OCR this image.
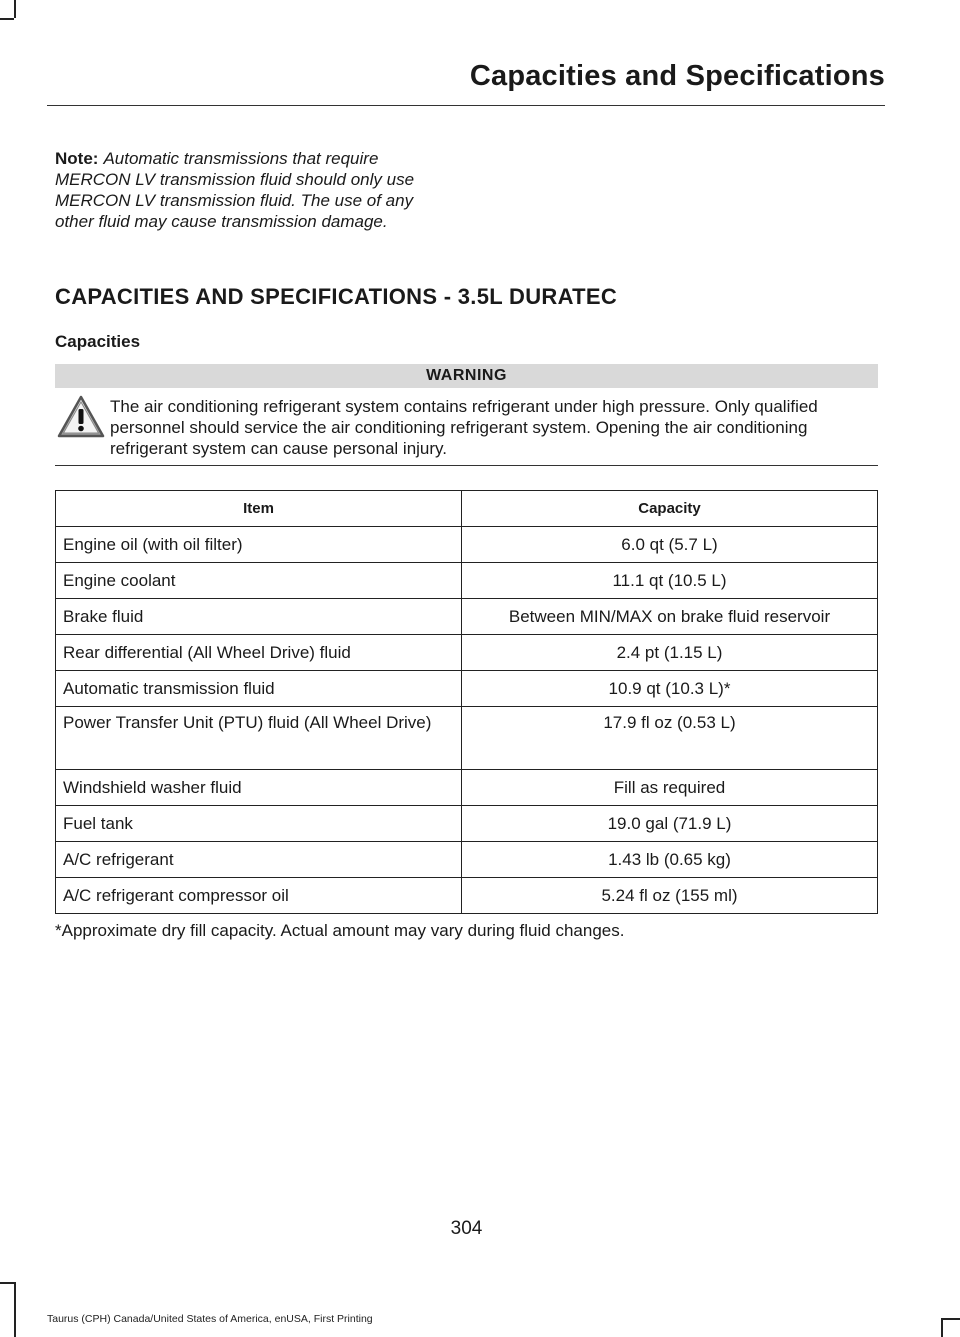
Capacities and Specifications
Note: Automatic transmissions that require MERCON LV transmission fluid should only use MERCON LV transmission fluid. The use of any other fluid may cause transmission damage.
CAPACITIES AND SPECIFICATIONS - 3.5L DURATEC
Capacities
WARNING
The air conditioning refrigerant system contains refrigerant under high pressure. Only qualified personnel should service the air conditioning refrigerant system. Opening the air conditioning refrigerant system can cause personal injury.
Item	Capacity
Engine oil (with oil filter)	6.0 qt (5.7 L)
Engine coolant	11.1 qt (10.5 L)
Brake fluid	Between MIN/MAX on brake fluid reservoir
Rear differential (All Wheel Drive) fluid	2.4 pt (1.15 L)
Automatic transmission fluid	10.9 qt (10.3 L)*
Power Transfer Unit (PTU) fluid (All Wheel Drive)	17.9 fl oz (0.53 L)
Windshield washer fluid	Fill as required
Fuel tank	19.0 gal (71.9 L)
A/C refrigerant	1.43 lb (0.65 kg)
A/C refrigerant compressor oil	5.24 fl oz (155 ml)
*Approximate dry fill capacity. Actual amount may vary during fluid changes.
304
Taurus (CPH) Canada/United States of America, enUSA, First Printing
